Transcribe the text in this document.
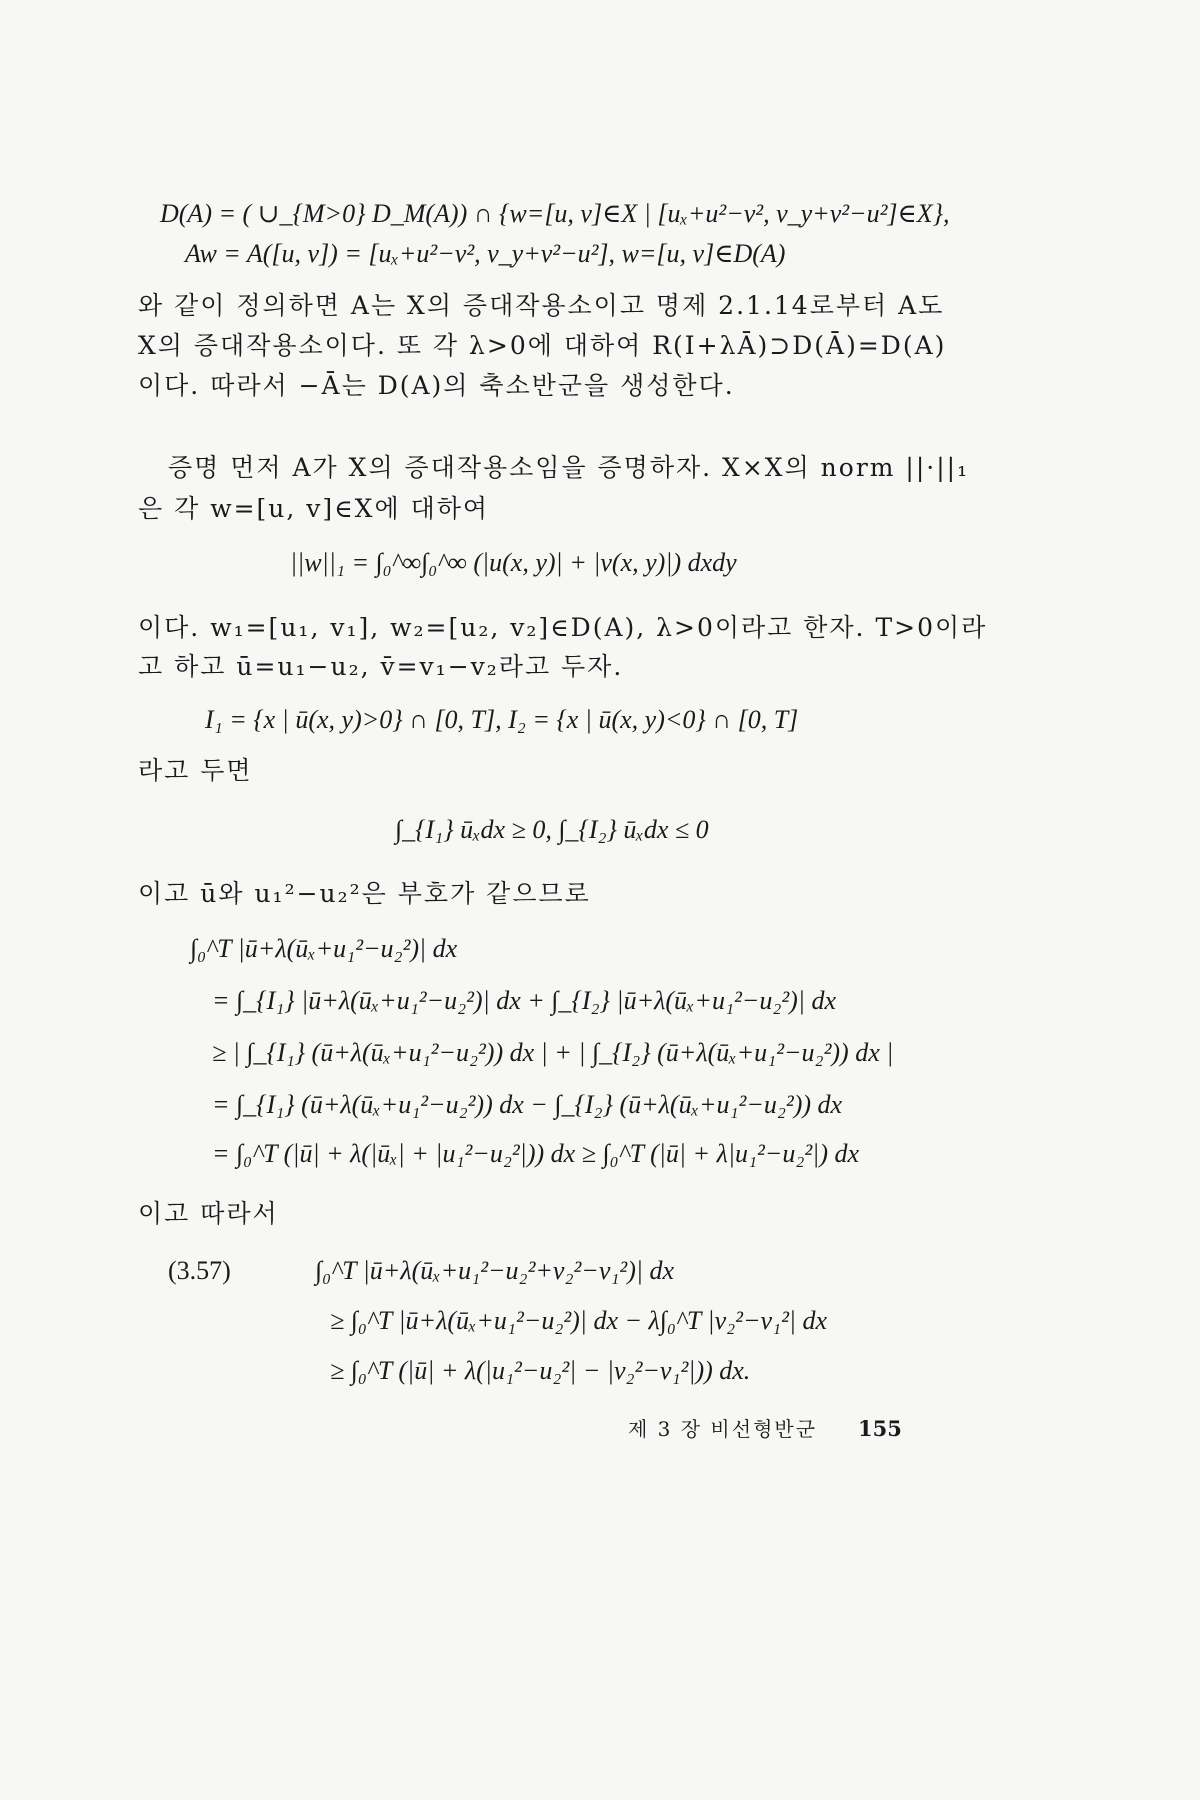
D(A) = ( ∪_{M>0} D_M(A)) ∩ {w=[u, v]∈X | [uₓ+u²−v², v_y+v²−u²]∈X},
Aw = A([u, v]) = [uₓ+u²−v², v_y+v²−u²], w=[u, v]∈D(A)
와 같이 정의하면 A는 X의 증대작용소이고 명제 2.1.14로부터 A도
X의 증대작용소이다. 또 각 λ>0에 대하여 R(I+λĀ)⊃D(Ā)=D(A)
이다. 따라서 −Ā는 D(A)의 축소반군을 생성한다.
증명 먼저 A가 X의 증대작용소임을 증명하자. X×X의 norm ||·||₁
은 각 w=[u, v]∈X에 대하여
||w||₁ = ∫₀^∞∫₀^∞ (|u(x, y)| + |v(x, y)|) dxdy
이다. w₁=[u₁, v₁], w₂=[u₂, v₂]∈D(A), λ>0이라고 한자. T>0이라
고 하고 ū=u₁−u₂, v̄=v₁−v₂라고 두자.
I₁ = {x | ū(x, y)>0} ∩ [0, T], I₂ = {x | ū(x, y)<0} ∩ [0, T]
라고 두면
∫_{I₁} ūₓdx ≥ 0, ∫_{I₂} ūₓdx ≤ 0
이고 ū와 u₁²−u₂²은 부호가 같으므로
∫₀^T |ū+λ(ūₓ+u₁²−u₂²)| dx
= ∫_{I₁} |ū+λ(ūₓ+u₁²−u₂²)| dx + ∫_{I₂} |ū+λ(ūₓ+u₁²−u₂²)| dx
≥ | ∫_{I₁} (ū+λ(ūₓ+u₁²−u₂²)) dx | + | ∫_{I₂} (ū+λ(ūₓ+u₁²−u₂²)) dx |
= ∫_{I₁} (ū+λ(ūₓ+u₁²−u₂²)) dx − ∫_{I₂} (ū+λ(ūₓ+u₁²−u₂²)) dx
= ∫₀^T (|ū| + λ(|ūₓ| + |u₁²−u₂²|)) dx ≥ ∫₀^T (|ū| + λ|u₁²−u₂²|) dx
이고 따라서
(3.57)	∫₀^T |ū+λ(ūₓ+u₁²−u₂²+v₂²−v₁²)| dx
≥ ∫₀^T |ū+λ(ūₓ+u₁²−u₂²)| dx − λ∫₀^T |v₂²−v₁²| dx
≥ ∫₀^T (|ū| + λ(|u₁²−u₂²| − |v₂²−v₁²|)) dx.
제 3 장 비선형반군 155
